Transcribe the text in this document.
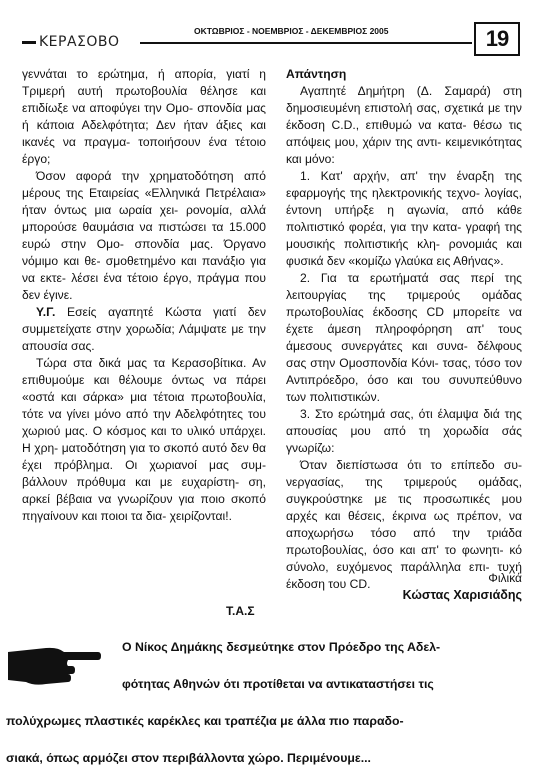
ΚΕΡΑΣΟΒΟ
ΟΚΤΩΒΡΙΟΣ - ΝΟΕΜΒΡΙΟΣ - ΔΕΚΕΜΒΡΙΟΣ 2005	19

γεννάται το ερώτημα, ή απορία, γιατί η Τριμερή αυτή πρωτοβουλία θέλησε και επιδίωξε να αποφύγει την Ομο- σπονδία μας ή κάποια Αδελφότητα; Δεν ήταν άξιες και ικανές να πραγμα- τοποιήσουν ένα τέτοιο έργο;

Όσον αφορά την χρηματοδότηση από μέρους της Εταιρείας «Ελληνικά Πετρέλαια» ήταν όντως μια ωραία χει- ρονομία, αλλά μπορούσε θαυμάσια να πιστώσει τα 15.000 ευρώ στην Ομο- σπονδία μας. Όργανο νόμιμο και θε- σμοθετημένο και πανάξιο για να εκτε- λέσει ένα τέτοιο έργο, πράγμα που δεν έγινε.

Υ.Γ. Εσείς αγαπητέ Κώστα γιατί δεν συμμετείχατε στην χορωδία; Λάμψατε με την απουσία σας.

Τώρα στα δικά μας τα Κερασοβίτικα. Αν επιθυμούμε και θέλουμε όντως να πάρει «οστά και σάρκα» μια τέτοια πρωτοβουλία, τότε να γίνει μόνο από την Αδελφότητες του χωριού μας. Ο κόσμος και το υλικό υπάρχει. Η χρη- ματοδότηση για το σκοπό αυτό δεν θα έχει πρόβλημα. Οι χωριανοί μας συμ- βάλλουν πρόθυμα και με ευχαρίστη- ση, αρκεί βέβαια να γνωρίζουν για ποιο σκοπό πηγαίνουν και ποιοι τα δια- χειρίζονται!.

Τ.Α.Σ

Απάντηση

Αγαπητέ Δημήτρη (Δ. Σαμαρά) στη δημοσιευμένη επιστολή σας, σχετικά με την έκδοση C.D., επιθυμώ να κατα- θέσω τις απόψεις μου, χάριν της αντι- κειμενικότητας και μόνο:

1. Κατ' αρχήν, απ' την έναρξη της εφαρμογής της ηλεκτρονικής τεχνο- λογίας, έντονη υπήρξε η αγωνία, από κάθε πολιτιστικό φορέα, για την κατα- γραφή της μουσικής πολιτιστικής κλη- ρονομιάς και φυσικά δεν «κομίζω γλαύκα εις Αθήνας».

2. Για τα ερωτήματά σας περί της λειτουργίας της τριμερούς ομάδας πρωτοβουλίας έκδοσης CD μπορείτε να έχετε άμεση πληροφόρηση απ' τους άμεσους συνεργάτες και συνα- δέλφους σας στην Ομοσπονδία Κόνι- τσας, τόσο τον Αντιπρόεδρο, όσο και του συνυπεύθυνο των πολιτιστικών.

3. Στο ερώτημά σας, ότι έλαμψα διά της απουσίας μου από τη χορωδία σάς γνωρίζω:

Όταν διεπίστωσα ότι το επίπεδο συ- νεργασίας, της τριμερούς ομάδας, συγκρούστηκε με τις προσωπικές μου αρχές και θέσεις, έκρινα ως πρέπον, να αποχωρήσω τόσο από την τριάδα πρωτοβουλίας, όσο και απ' το φωνητι- κό σύνολο, ευχόμενος παράλληλα επι- τυχή έκδοση του CD.	Φιλικά
Κώστας Χαρισιάδης
Ο Νίκος Δημάκης δεσμεύτηκε στον Πρόεδρο της Αδελ-
φότητας Αθηνών ότι προτίθεται να αντικαταστήσει τις
πολύχρωμες πλαστικές καρέκλες και τραπέζια με άλλα πιο παραδο-
σιακά, όπως αρμόζει στον περιβάλλοντα χώρο. Περιμένουμε...
